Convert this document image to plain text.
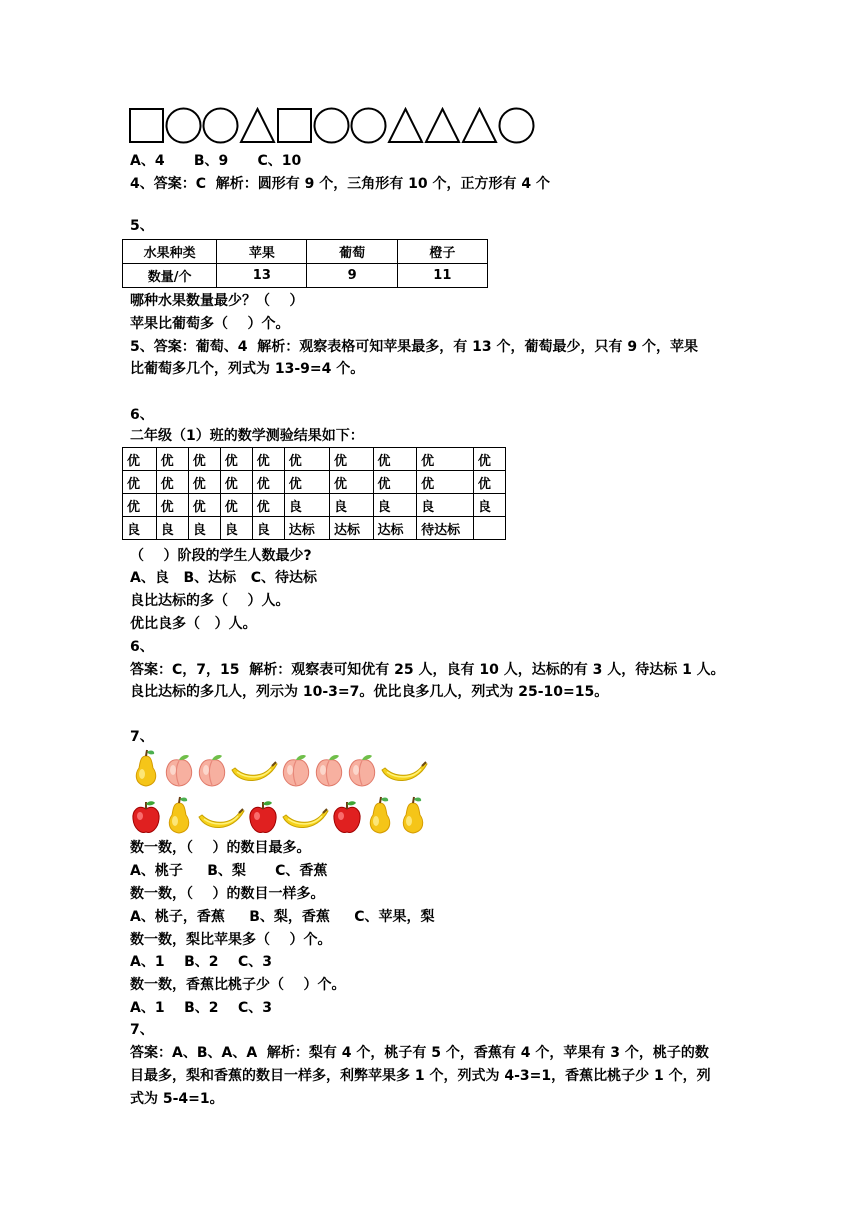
A、4      B、9      C、10
4、答案：C  解析：圆形有 9 个，三角形有 10 个，正方形有 4 个
5、
水果种类	苹果	葡萄	橙子
数量/个	13	9	11
哪种水果数量最少？（    ）
苹果比葡萄多（    ）个。
5、答案：葡萄、4  解析：观察表格可知苹果最多，有 13 个，葡萄最少，只有 9 个，苹果
比葡萄多几个，列式为 13-9=4 个。
6、
二年级（1）班的数学测验结果如下：
优	优	优	优	优	优	优	优	优	优
优	优	优	优	优	优	优	优	优	优
优	优	优	优	优	良	良	良	良	良
良	良	良	良	良	达标	达标	达标	待达标	
（    ）阶段的学生人数最少?
A、良   B、达标   C、待达标
良比达标的多（    ）人。
优比良多（   ）人。
6、
答案：C，7，15  解析：观察表可知优有 25 人，良有 10 人，达标的有 3 人，待达标 1 人。
良比达标的多几人，列示为 10-3=7。优比良多几人，列式为 25-10=15。
7、
数一数，（    ）的数目最多。
A、桃子     B、梨      C、香蕉
数一数，（    ）的数目一样多。
A、桃子，香蕉     B、梨，香蕉     C、苹果，梨
数一数，梨比苹果多（    ）个。
A、1    B、2    C、3
数一数，香蕉比桃子少（    ）个。
A、1    B、2    C、3
7、
答案：A、B、A、A  解析：梨有 4 个，桃子有 5 个，香蕉有 4 个，苹果有 3 个，桃子的数
目最多，梨和香蕉的数目一样多，利弊苹果多 1 个，列式为 4-3=1，香蕉比桃子少 1 个，列
式为 5-4=1。
